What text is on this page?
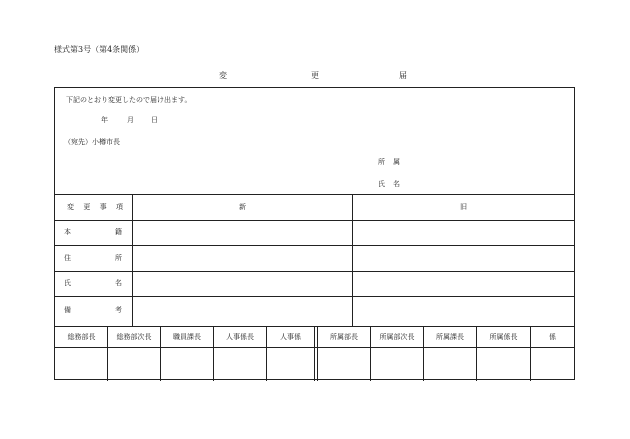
様式第3号（第4条関係）
変	更	届
下記のとおり変更したので届け出ます。
年	月 日
（宛先）小樽市長
所 属
氏 名
変 更 事 項	新	旧
本	籍
住	所
氏	名
備	考
総務部長	総務部次長	職員課長	人事係長	人事係	所属部長	所属部次長	所属課長	所属係長	係
